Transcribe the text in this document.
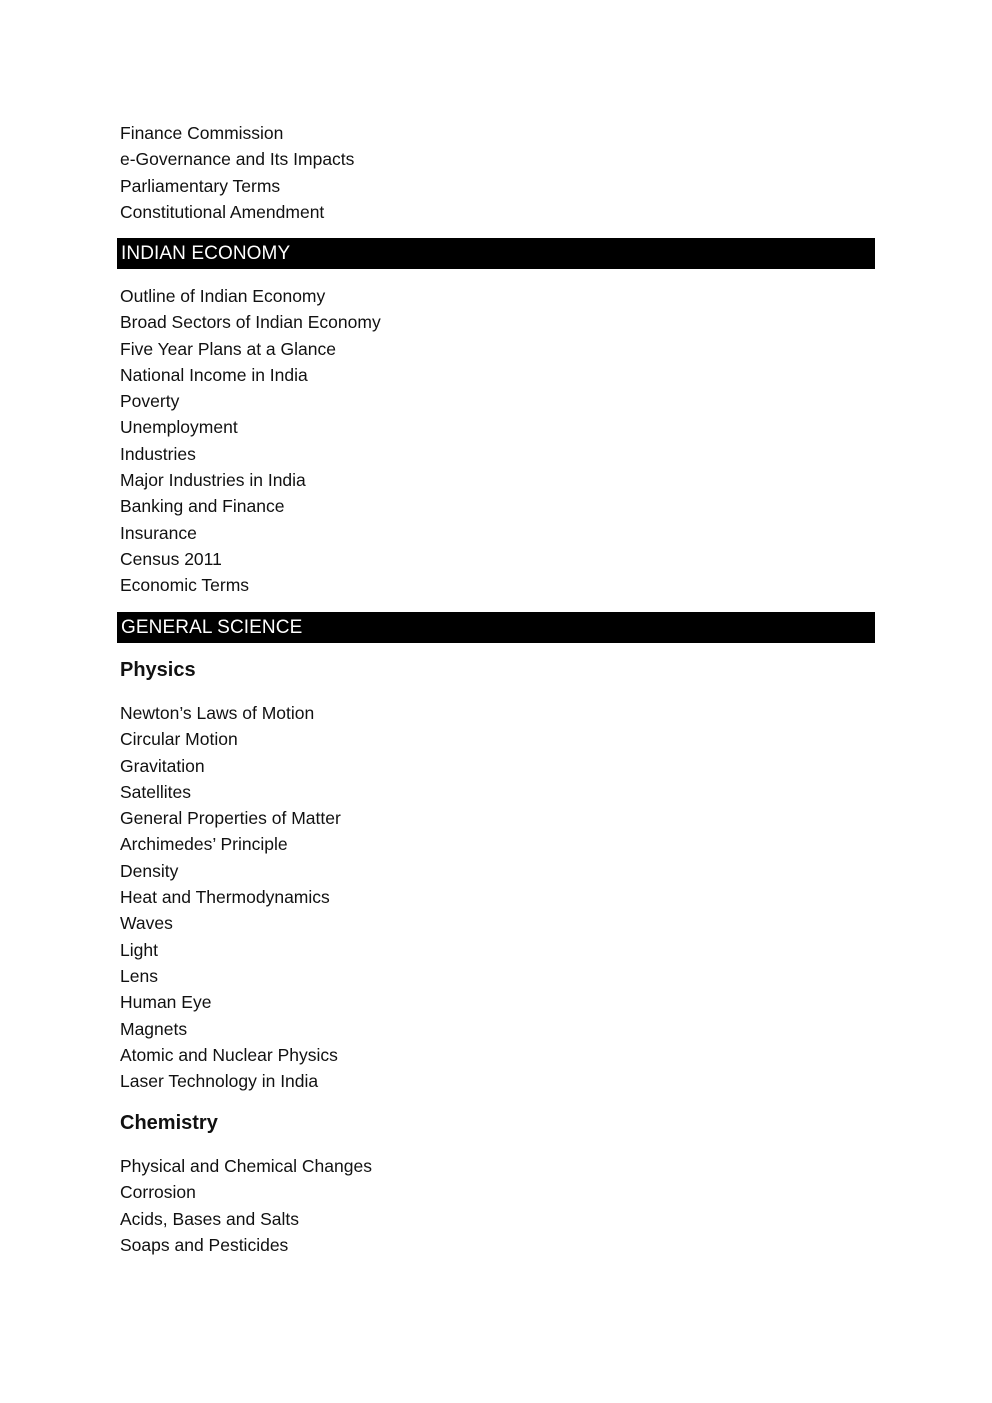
Finance Commission
e-Governance and Its Impacts
Parliamentary Terms
Constitutional Amendment
INDIAN ECONOMY
Outline of Indian Economy
Broad Sectors of Indian Economy
Five Year Plans at a Glance
National Income in India
Poverty
Unemployment
Industries
Major Industries in India
Banking and Finance
Insurance
Census 2011
Economic Terms
GENERAL SCIENCE
Physics
Newton’s Laws of Motion
Circular Motion
Gravitation
Satellites
General Properties of Matter
Archimedes’ Principle
Density
Heat and Thermodynamics
Waves
Light
Lens
Human Eye
Magnets
Atomic and Nuclear Physics
Laser Technology in India
Chemistry
Physical and Chemical Changes
Corrosion
Acids, Bases and Salts
Soaps and Pesticides
